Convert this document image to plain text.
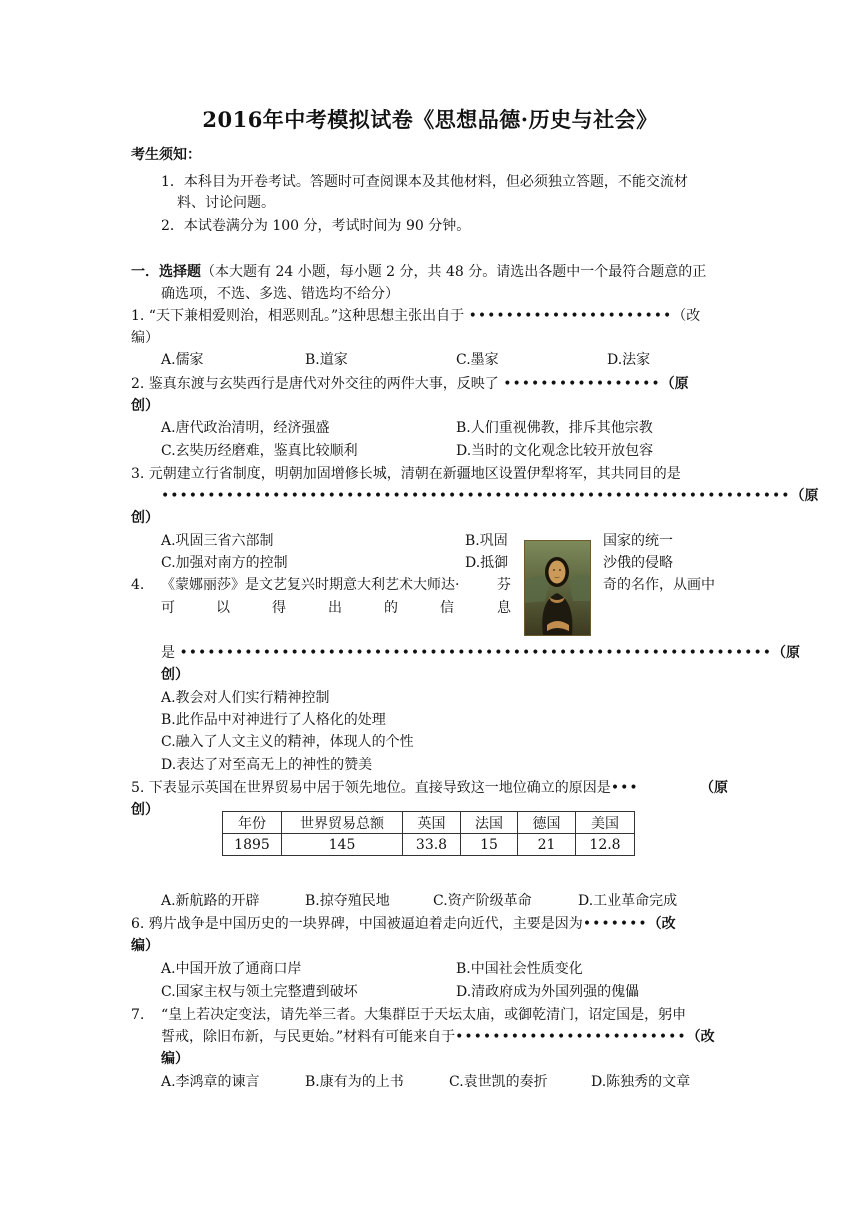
2016年中考模拟试卷《思想品德·历史与社会》
考生须知：
1．本科目为开卷考试。答题时可查阅课本及其他材料，但必须独立答题，不能交流材
料、讨论问题。
2．本试卷满分为 100 分，考试时间为 90 分钟。
一．选择题（本大题有 24 小题，每小题 2 分，共 48 分。请选出各题中一个最符合题意的正
确选项，不选、多选、错选均不给分）
1. “天下兼相爱则治，相恶则乱。”这种思想主张出自于 ••••••••••••••••••••••（改
编）
A.儒家	B.道家	C.墨家	D.法家
2. 鉴真东渡与玄奘西行是唐代对外交往的两件大事，反映了 •••••••••••••••••（原
创）
A.唐代政治清明，经济强盛	B.人们重视佛教，排斥其他宗教
C.玄奘历经磨难，鉴真比较顺利	D.当时的文化观念比较开放包容
3. 元朝建立行省制度，明朝加固增修长城，清朝在新疆地区设置伊犁将军，其共同目的是
••••••••••••••••••••••••••••••••••••••••••••••••••••••••••••••••••••（原
创）
A.巩固三省六部制	B.巩固	国家的统一
C.加强对南方的控制	D.抵御	沙俄的侵略
4. 《蒙娜丽莎》是文艺复兴时期意大利艺术大师达·	芬	奇的名作，从画中
可	以	得	出	的	信	息
是 ••••••••••••••••••••••••••••••••••••••••••••••••••••••••••••••••（原
创）
A.教会对人们实行精神控制
B.此作品中对神进行了人格化的处理
C.融入了人文主义的精神，体现人的个性
D.表达了对至高无上的神性的赞美
5. 下表显示英国在世界贸易中居于领先地位。直接导致这一地位确立的原因是•••	（原
创）
年份	世界贸易总额	英国	法国	德国	美国
1895	145	33.8	15	21	12.8
A.新航路的开辟	B.掠夺殖民地	C.资产阶级革命	D.工业革命完成
6. 鸦片战争是中国历史的一块界碑，中国被逼迫着走向近代，主要是因为•••••••（改
编）
A.中国开放了通商口岸	B.中国社会性质变化
C.国家主权与领土完整遭到破坏	D.清政府成为外国列强的傀儡
7. “皇上若决定变法，请先举三者。大集群臣于天坛太庙，或御乾清门，诏定国是，躬申
誓戒，除旧布新，与民更始。”材料有可能来自于•••••••••••••••••••••••••（改
编）
A.李鸿章的谏言	B.康有为的上书	C.袁世凯的奏折	D.陈独秀的文章
